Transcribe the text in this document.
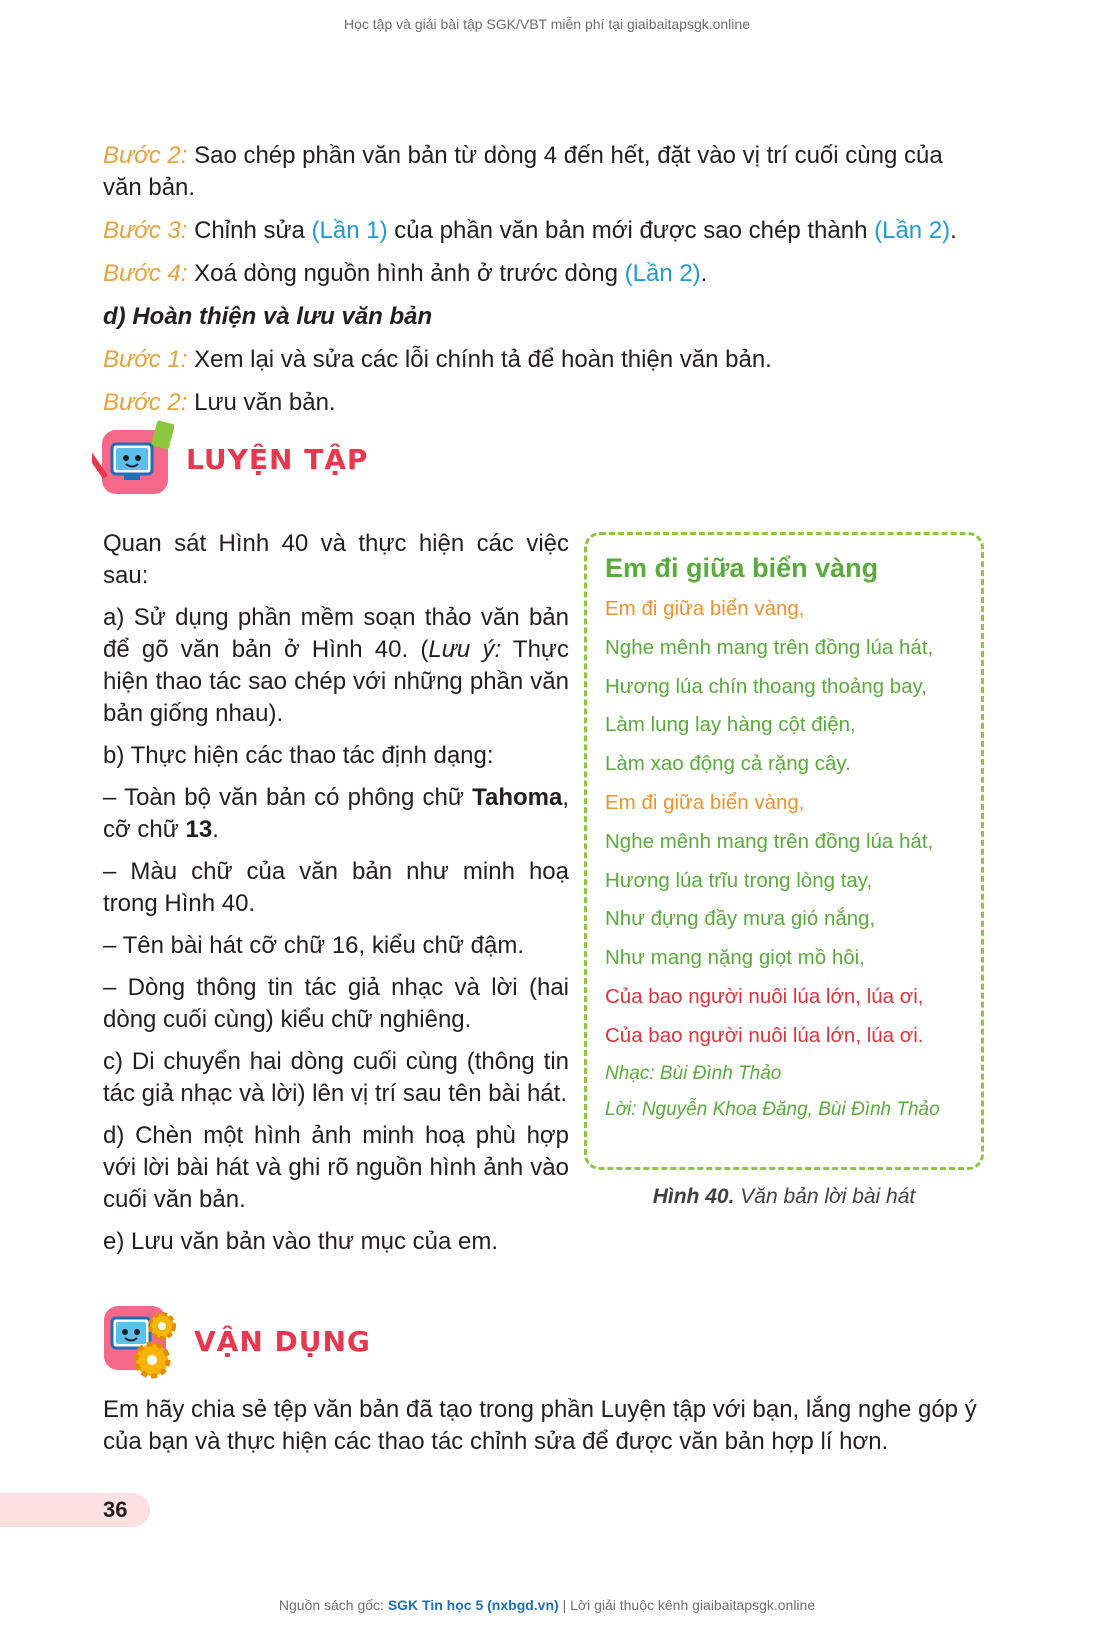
Học tập và giải bài tập SGK/VBT miễn phí tại giaibaitapsgk.online

Bước 2: Sao chép phần văn bản từ dòng 4 đến hết, đặt vào vị trí cuối cùng của văn bản.

Bước 3: Chỉnh sửa (Lần 1) của phần văn bản mới được sao chép thành (Lần 2).

Bước 4: Xoá dòng nguồn hình ảnh ở trước dòng (Lần 2).

d) Hoàn thiện và lưu văn bản

Bước 1: Xem lại và sửa các lỗi chính tả để hoàn thiện văn bản.

Bước 2: Lưu văn bản.

LUYỆN TẬP

Quan sát Hình 40 và thực hiện các việc sau:

a) Sử dụng phần mềm soạn thảo văn bản để gõ văn bản ở Hình 40. (Lưu ý: Thực hiện thao tác sao chép với những phần văn bản giống nhau).

b) Thực hiện các thao tác định dạng:

– Toàn bộ văn bản có phông chữ Tahoma, cỡ chữ 13.

– Màu chữ của văn bản như minh hoạ trong Hình 40.

– Tên bài hát cỡ chữ 16, kiểu chữ đậm.

– Dòng thông tin tác giả nhạc và lời (hai dòng cuối cùng) kiểu chữ nghiêng.

c) Di chuyển hai dòng cuối cùng (thông tin tác giả nhạc và lời) lên vị trí sau tên bài hát.

d) Chèn một hình ảnh minh hoạ phù hợp với lời bài hát và ghi rõ nguồn hình ảnh vào cuối văn bản.

e) Lưu văn bản vào thư mục của em.

Em đi giữa biển vàng
Em đi giữa biển vàng,
Nghe mênh mang trên đồng lúa hát,
Hương lúa chín thoang thoảng bay,
Làm lung lay hàng cột điện,
Làm xao động cả rặng cây.
Em đi giữa biển vàng,
Nghe mênh mang trên đồng lúa hát,
Hương lúa trĩu trong lòng tay,
Như đựng đầy mưa gió nắng,
Như mang nặng giọt mồ hôi,
Của bao người nuôi lúa lớn, lúa ơi,
Của bao người nuôi lúa lớn, lúa ơi.
Nhạc: Bùi Đình Thảo
Lời: Nguyễn Khoa Đăng, Bùi Đình Thảo
Hình 40. Văn bản lời bài hát
VẬN DỤNG
Em hãy chia sẻ tệp văn bản đã tạo trong phần Luyện tập với bạn, lắng nghe góp ý của bạn và thực hiện các thao tác chỉnh sửa để được văn bản hợp lí hơn.
36
Nguồn sách gốc: SGK Tin học 5 (nxbgd.vn) | Lời giải thuộc kênh giaibaitapsgk.online
